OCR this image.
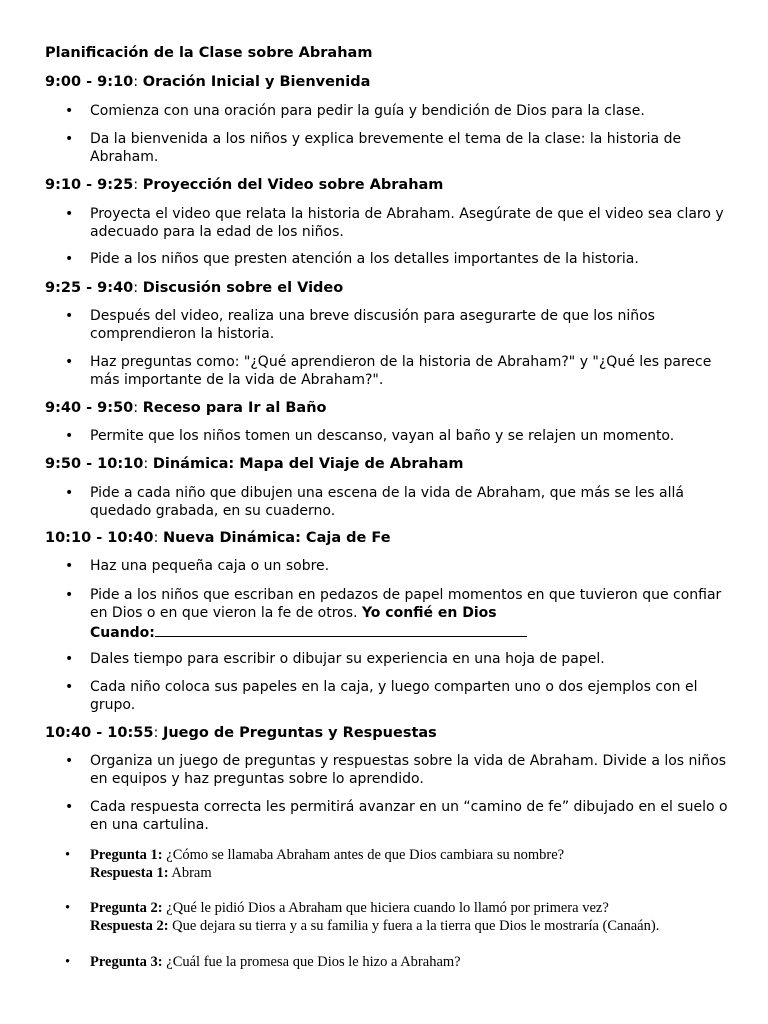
Planificación de la Clase sobre Abraham

9:00 - 9:10: Oración Inicial y Bienvenida

• Comienza con una oración para pedir la guía y bendición de Dios para la clase.
• Da la bienvenida a los niños y explica brevemente el tema de la clase: la historia de Abraham.

9:10 - 9:25: Proyección del Video sobre Abraham

• Proyecta el video que relata la historia de Abraham. Asegúrate de que el video sea claro y adecuado para la edad de los niños.
• Pide a los niños que presten atención a los detalles importantes de la historia.

9:25 - 9:40: Discusión sobre el Video

• Después del video, realiza una breve discusión para asegurarte de que los niños comprendieron la historia.
• Haz preguntas como: "¿Qué aprendieron de la historia de Abraham?" y "¿Qué les parece más importante de la vida de Abraham?".

9:40 - 9:50: Receso para Ir al Baño

• Permite que los niños tomen un descanso, vayan al baño y se relajen un momento.

9:50 - 10:10: Dinámica: Mapa del Viaje de Abraham

• Pide a cada niño que dibujen una escena de la vida de Abraham, que más se les allá quedado grabada, en su cuaderno.

10:10 - 10:40: Nueva Dinámica: Caja de Fe

• Haz una pequeña caja o un sobre.
• Pide a los niños que escriban en pedazos de papel momentos en que tuvieron que confiar en Dios o en que vieron la fe de otros. Yo confié en Dios
Cuando:
• Dales tiempo para escribir o dibujar su experiencia en una hoja de papel.
• Cada niño coloca sus papeles en la caja, y luego comparten uno o dos ejemplos con el grupo.

10:40 - 10:55: Juego de Preguntas y Respuestas

• Organiza un juego de preguntas y respuestas sobre la vida de Abraham. Divide a los niños en equipos y haz preguntas sobre lo aprendido.
• Cada respuesta correcta les permitirá avanzar en un “camino de fe” dibujado en el suelo o en una cartulina.
• Pregunta 1: ¿Cómo se llamaba Abraham antes de que Dios cambiara su nombre?
Respuesta 1: Abram
• Pregunta 2: ¿Qué le pidió Dios a Abraham que hiciera cuando lo llamó por primera vez?
Respuesta 2: Que dejara su tierra y a su familia y fuera a la tierra que Dios le mostraría (Canaán).
• Pregunta 3: ¿Cuál fue la promesa que Dios le hizo a Abraham?
